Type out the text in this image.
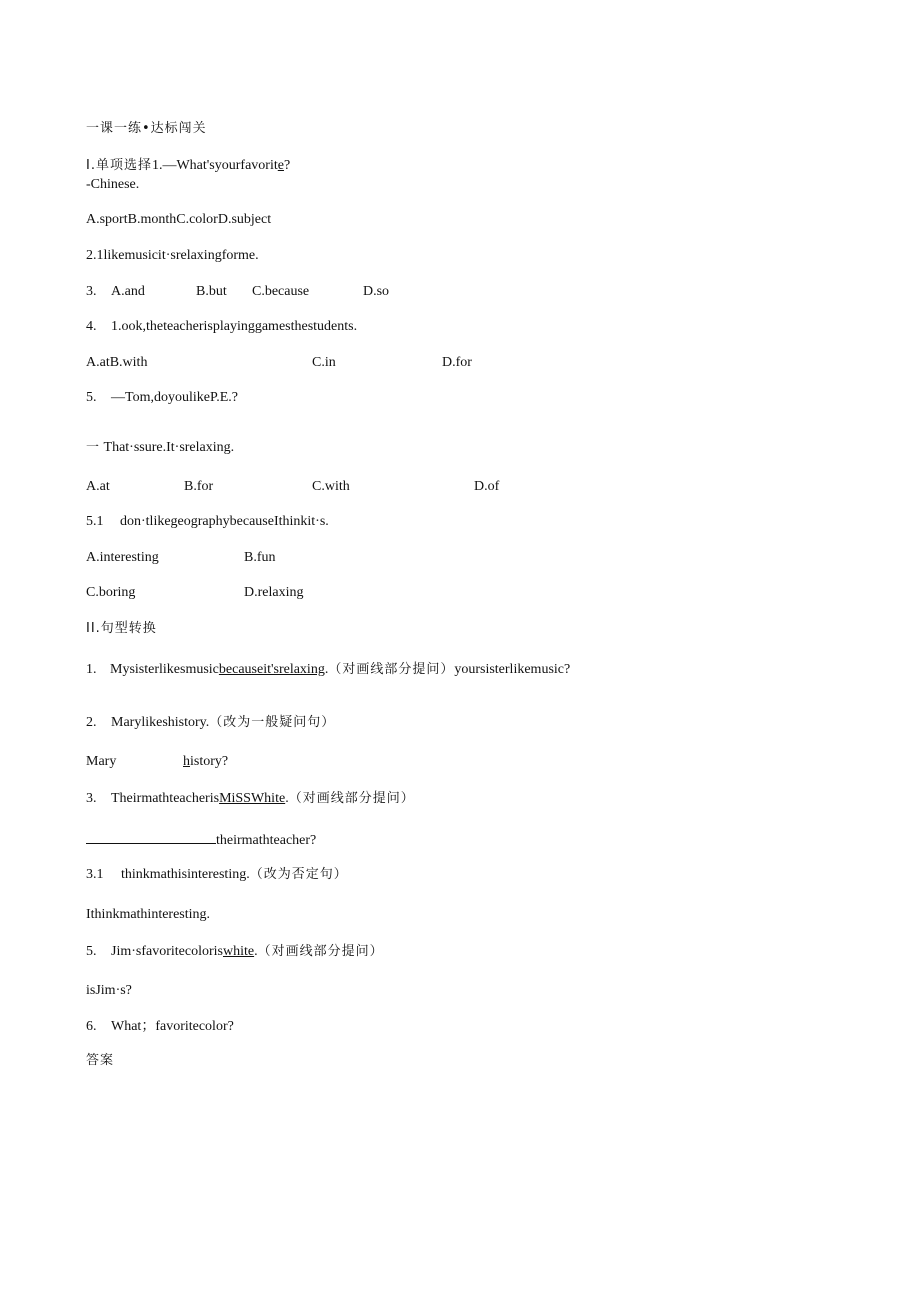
一课一练•达标闯关
I.单项选择1.—What'syourfavorite?
-Chinese.
A.sportB.monthC.colorD.subject
2.1likemusicit·srelaxingforme.
3. A.and	B.but C.because	D.so
4. 1.ook,theteacherisplayinggamesthestudents.
A.atB.with	C.in	D.for
5. —Tom,doyoulikeP.E.?
一 That·ssure.It·srelaxing.
A.at	B.for	C.with	D.of
5.1 don·tlikegeographybecauseIthinkit·s.
A.interesting	B.fun
C.boring	D.relaxing
II.句型转换
1. Mysisterlikesmusicbecauseit'srelaxing.（对画线部分提问）yoursisterlikemusic?
2. Marylikeshistory.（改为一般疑问句）
Mary	history?
3. TheirmathteacherisMiSSWhite.（对画线部分提问）
theirmathteacher?
3.1 thinkmathisinteresting.（改为否定句）
Ithinkmathinteresting.
5. Jim·sfavoritecoloriswhite.（对画线部分提问）
isJim·s?
6. What；favoritecolor?
答案
